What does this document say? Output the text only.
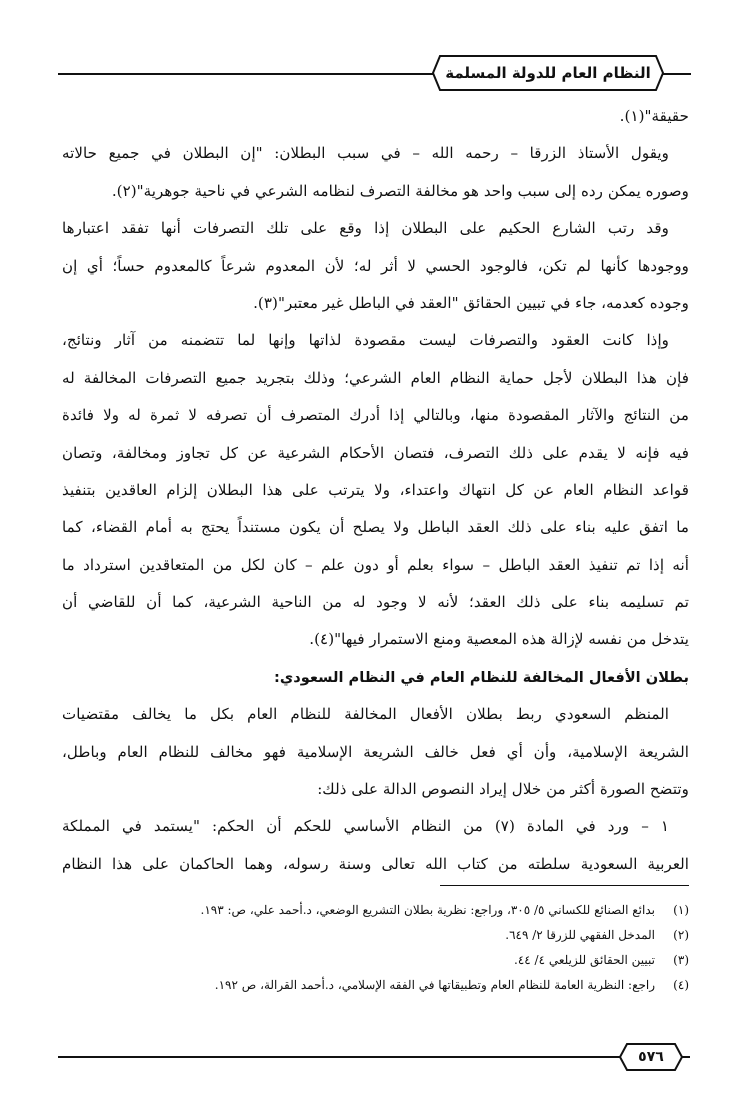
النظام العام للدولة المسلمة
حقيقة"(١).
ويقول الأستاذ الزرقا – رحمه الله – في سبب البطلان: "إن البطلان في جميع حالاته
وصوره يمكن رده إلى سبب واحد هو مخالفة التصرف لنظامه الشرعي في ناحية جوهرية"(٢).
وقد رتب الشارع الحكيم على البطلان إذا وقع على تلك التصرفات أنها تفقد اعتبارها
ووجودها كأنها لم تكن، فالوجود الحسي لا أثر له؛ لأن المعدوم شرعاً كالمعدوم حساً؛ أي إن
وجوده كعدمه، جاء في تبيين الحقائق "العقد في الباطل غير معتبر"(٣).
وإذا كانت العقود والتصرفات ليست مقصودة لذاتها وإنها لما تتضمنه من آثار ونتائج،
فإن هذا البطلان لأجل حماية النظام العام الشرعي؛ وذلك بتجريد جميع التصرفات المخالفة له
من النتائج والآثار المقصودة منها، وبالتالي إذا أدرك المتصرف أن تصرفه لا ثمرة له ولا فائدة
فيه فإنه لا يقدم على ذلك التصرف، فتصان الأحكام الشرعية عن كل تجاوز ومخالفة، وتصان
قواعد النظام العام عن كل انتهاك واعتداء، ولا يترتب على هذا البطلان إلزام العاقدين بتنفيذ
ما اتفق عليه بناء على ذلك العقد الباطل ولا يصلح أن يكون مستنداً يحتج به أمام القضاء، كما
أنه إذا تم تنفيذ العقد الباطل – سواء بعلم أو دون علم – كان لكل من المتعاقدين استرداد ما
تم تسليمه بناء على ذلك العقد؛ لأنه لا وجود له من الناحية الشرعية، كما أن للقاضي أن
يتدخل من نفسه لإزالة هذه المعصية ومنع الاستمرار فيها"(٤).
بطلان الأفعال المخالفة للنظام العام في النظام السعودي:
المنظم السعودي ربط بطلان الأفعال المخالفة للنظام العام بكل ما يخالف مقتضيات
الشريعة الإسلامية، وأن أي فعل خالف الشريعة الإسلامية فهو مخالف للنظام العام وباطل،
وتتضح الصورة أكثر من خلال إيراد النصوص الدالة على ذلك:
١ – ورد في المادة (٧) من النظام الأساسي للحكم أن الحكم: "يستمد في المملكة
العربية السعودية سلطته من كتاب الله تعالى وسنة رسوله، وهما الحاكمان على هذا النظام
(١)بدائع الصنائع للكساني ٥/ ٣٠٥، وراجع: نظرية بطلان التشريع الوضعي، د.أحمد علي، ص: ١٩٣.
(٢)المدخل الفقهي للزرقا ٢/ ٦٤٩.
(٣)تبيين الحقائق للزيلعي ٤/ ٤٤.
(٤)راجع: النظرية العامة للنظام العام وتطبيقاتها في الفقه الإسلامي، د.أحمد القرالة، ص ١٩٢.
٥٧٦
